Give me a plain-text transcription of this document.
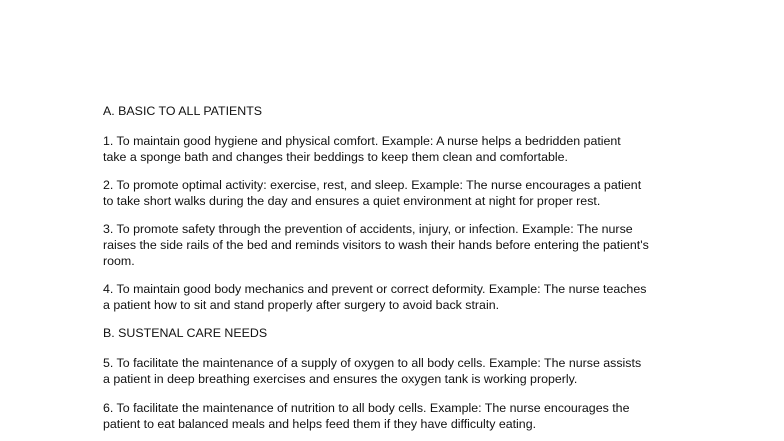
A. BASIC TO ALL PATIENTS
1. To maintain good hygiene and physical comfort. Example: A nurse helps a bedridden patient
take a sponge bath and changes their beddings to keep them clean and comfortable.
2. To promote optimal activity: exercise, rest, and sleep. Example: The nurse encourages a patient
to take short walks during the day and ensures a quiet environment at night for proper rest.
3. To promote safety through the prevention of accidents, injury, or infection. Example: The nurse
raises the side rails of the bed and reminds visitors to wash their hands before entering the patient's
room.
4. To maintain good body mechanics and prevent or correct deformity. Example: The nurse teaches
a patient how to sit and stand properly after surgery to avoid back strain.
B. SUSTENAL CARE NEEDS
5. To facilitate the maintenance of a supply of oxygen to all body cells. Example: The nurse assists
a patient in deep breathing exercises and ensures the oxygen tank is working properly.
6. To facilitate the maintenance of nutrition to all body cells. Example: The nurse encourages the
patient to eat balanced meals and helps feed them if they have difficulty eating.
